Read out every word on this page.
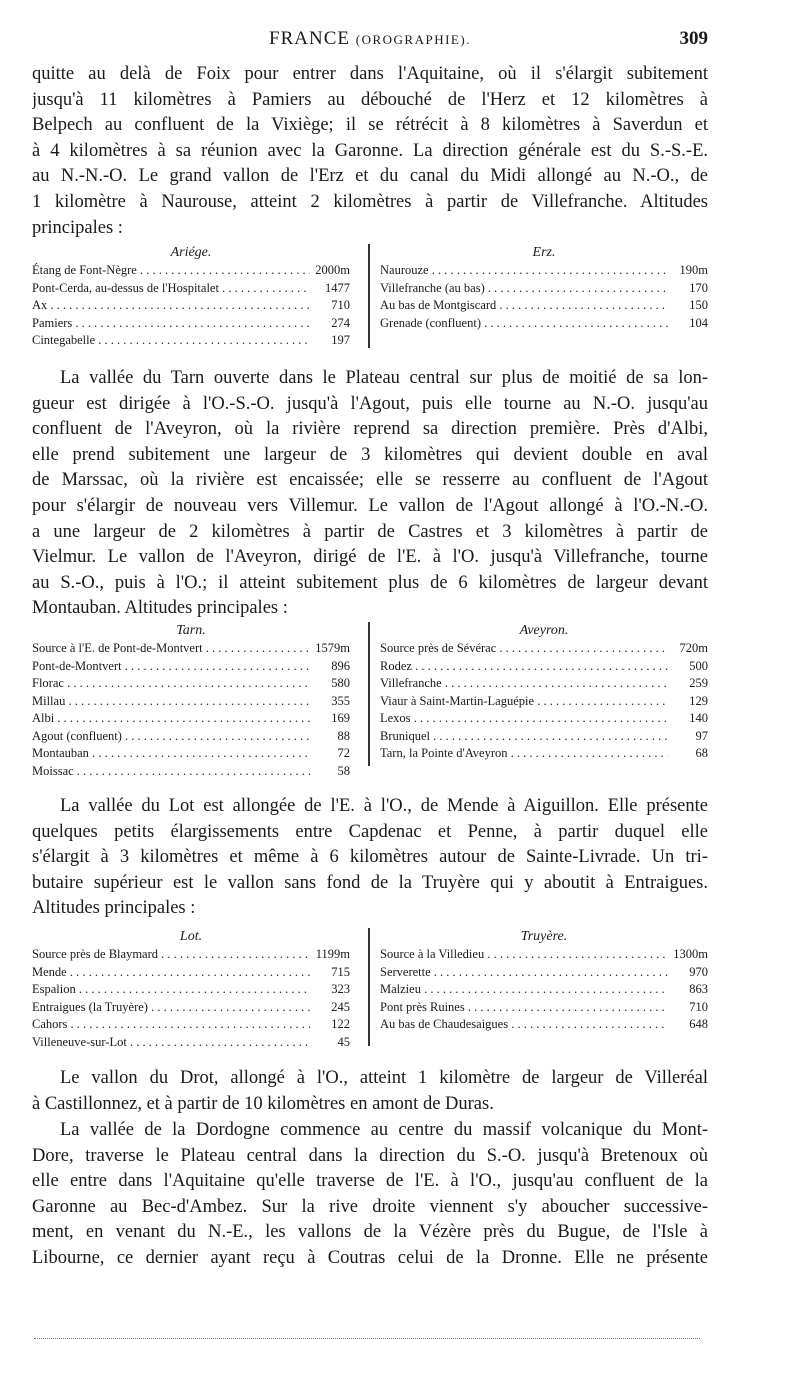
FRANCE (OROGRAPHIE).	309
quitte au delà de Foix pour entrer dans l'Aquitaine, où il s'élargit subitement
jusqu'à 11 kilomètres à Pamiers au débouché de l'Herz et 12 kilomètres à
Belpech au confluent de la Vixiège; il se rétrécit à 8 kilomètres à Saverdun et
à 4 kilomètres à sa réunion avec la Garonne. La direction générale est du S.-S.-E.
au N.-N.-O. Le grand vallon de l'Erz et du canal du Midi allongé au N.-O., de
1 kilomètre à Naurouse, atteint 2 kilomètres à partir de Villefranche. Altitudes
principales :
Ariége.
Étang de Font-Nègre . . .	2000m
Pont-Cerda, au-dessus de l'Hospitalet . . .	1477
Ax . . .	710
Pamiers . . .	274
Cintegabelle . . .	197
Erz.
Naurouze . . .	190m
Villefranche (au bas) . . .	170
Au bas de Montgiscard . . .	150
Grenade (confluent) . . .	104
La vallée du Tarn ouverte dans le Plateau central sur plus de moitié de sa lon-
gueur est dirigée à l'O.-S.-O. jusqu'à l'Agout, puis elle tourne au N.-O. jusqu'au
confluent de l'Aveyron, où la rivière reprend sa direction première. Près d'Albi,
elle prend subitement une largeur de 3 kilomètres qui devient double en aval
de Marssac, où la rivière est encaissée; elle se resserre au confluent de l'Agout
pour s'élargir de nouveau vers Villemur. Le vallon de l'Agout allongé à l'O.-N.-O.
a une largeur de 2 kilomètres à partir de Castres et 3 kilomètres à partir de
Vielmur. Le vallon de l'Aveyron, dirigé de l'E. à l'O. jusqu'à Villefranche, tourne
au S.-O., puis à l'O.; il atteint subitement plus de 6 kilomètres de largeur devant
Montauban. Altitudes principales :
Tarn.
Source à l'E. de Pont-de-Montvert . . .	1579m
Pont-de-Montvert . . .	896
Florac . . .	580
Millau . . .	355
Albi . . .	169
Agout (confluent) . . .	88
Montauban . . .	72
Moissac . . .	58
Aveyron.
Source près de Sévérac . . .	720m
Rodez . . .	500
Villefranche . . .	259
Viaur à Saint-Martin-Laguépie . . .	129
Lexos . . .	140
Bruniquel . . .	97
Tarn, la Pointe d'Aveyron . . .	68
La vallée du Lot est allongée de l'E. à l'O., de Mende à Aiguillon. Elle présente
quelques petits élargissements entre Capdenac et Penne, à partir duquel elle
s'élargit à 3 kilomètres et même à 6 kilomètres autour de Sainte-Livrade. Un tri-
butaire supérieur est le vallon sans fond de la Truyère qui y aboutit à Entraigues.
Altitudes principales :
Lot.
Source près de Blaymard . . .	1199m
Mende . . .	715
Espalion . . .	323
Entraigues (la Truyère) . . .	245
Cahors . . .	122
Villeneuve-sur-Lot . . .	45
Truyère.
Source à la Villedieu . . .	1300m
Serverette . . .	970
Malzieu . . .	863
Pont près Ruines . . .	710
Au bas de Chaudesaigues . . .	648
Le vallon du Drot, allongé à l'O., atteint 1 kilomètre de largeur de Villeréal
à Castillonnez, et à partir de 10 kilomètres en amont de Duras.
La vallée de la Dordogne commence au centre du massif volcanique du Mont-
Dore, traverse le Plateau central dans la direction du S.-O. jusqu'à Bretenoux où
elle entre dans l'Aquitaine qu'elle traverse de l'E. à l'O., jusqu'au confluent de la
Garonne au Bec-d'Ambez. Sur la rive droite viennent s'y aboucher successive-
ment, en venant du N.-E., les vallons de la Vézère près du Bugue, de l'Isle à
Libourne, ce dernier ayant reçu à Coutras celui de la Dronne. Elle ne présente
